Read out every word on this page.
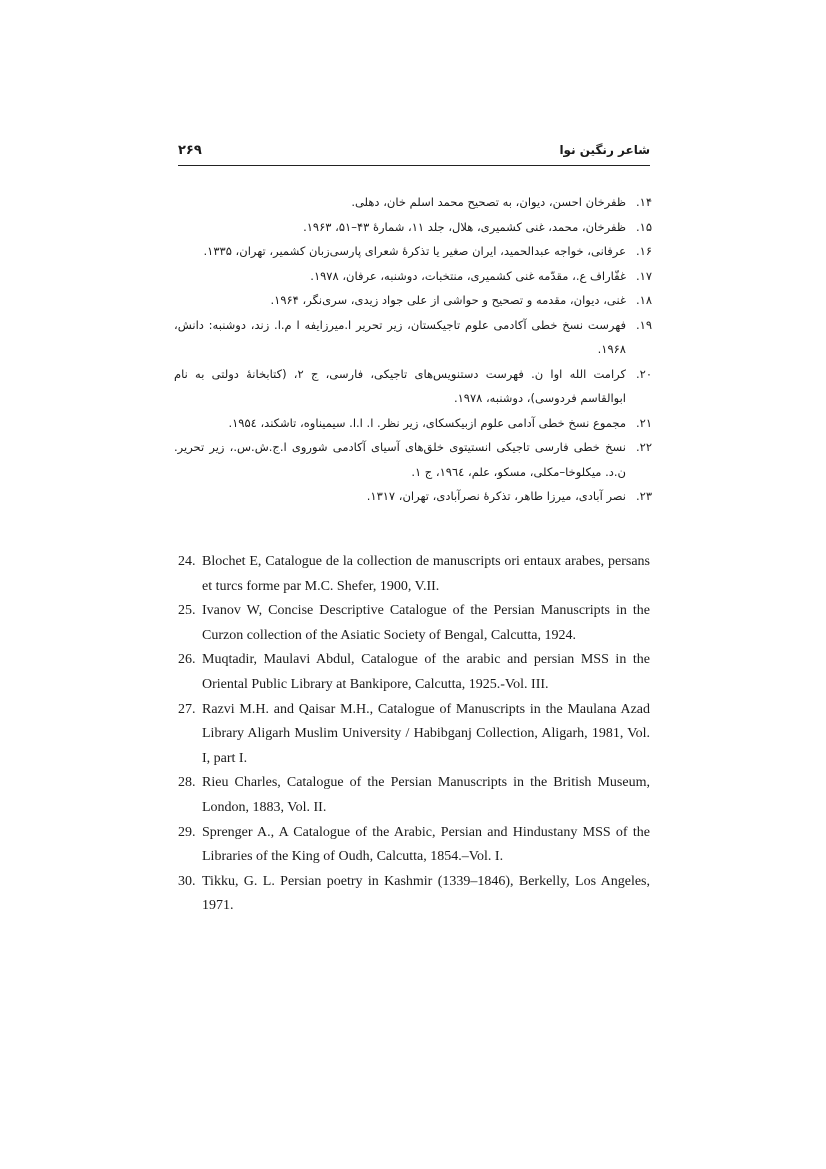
۲۶۹	شاعر رنگین نوا
۱۴.
ظفرخان احسن، دیوان، به تصحیح محمد اسلم خان، دهلی.
۱۵.
ظفرخان، محمد، غنی کشمیری، هلال، جلد ۱۱، شمارۀ ۴۳–۵۱، ۱۹۶۳.
۱۶.
عرفانی، خواجه عبدالحمید، ایران صغیر یا تذکرۀ شعرای پارسی‌زبان کشمیر، تهران، ۱۳۳۵.
۱۷.
غفّاراف ع.، مقدّمه غنی کشمیری، منتخبات، دوشنبه، عرفان، ۱۹۷۸.
۱۸.
غنی، دیوان، مقدمه و تصحیح و حواشی از علی جواد زیدی، سری‌نگر، ۱۹۶۴.
۱۹.
فهرست نسخ خطی آکادمی علوم تاجیکستان، زیر تحریر ا.میرزایفه ا م.ا. زند، دوشنبه: دانش، ۱۹۶۸.
۲۰.
کرامت الله اوا ن. فهرست دستنویس‌های تاجیکی، فارسی، ج ۲، (کتابخانۀ دولتی به نام ابوالقاسم فردوسی)، دوشنبه، ۱۹۷۸.
۲۱.
مجموع نسخ خطی آدامی علوم ازبیکسکای، زیر نظر. ا. ا.ا. سیمیناوه، تاشکند، ۱۹۵٤.
۲۲.
نسخ خطی فارسی تاجیکی انستیتوی خلق‌های آسیای آکادمی شوروی ا.ج.ش.س.، زیر تحریر. ن.د. میکلوخا–مکلی، مسکو، علم، ۱۹٦٤، ج ۱.
۲۳.
نصر آبادی، میرزا طاهر، تذکرۀ نصرآبادی، تهران، ۱۳۱۷.
24. Blochet E, Catalogue de la collection de manuscripts ori entaux arabes, persans et turcs forme par M.C. Shefer, 1900, V.II.
25. Ivanov W, Concise Descriptive Catalogue of the Persian Manuscripts in the Curzon collection of the Asiatic Society of Bengal, Calcutta, 1924.
26. Muqtadir, Maulavi Abdul, Catalogue of the arabic and persian MSS in the Oriental Public Library at Bankipore, Calcutta, 1925.-Vol. III.
27. Razvi M.H. and Qaisar M.H., Catalogue of Manuscripts in the Maulana Azad Library Aligarh Muslim University / Habibganj Collection, Aligarh, 1981, Vol. I, part I.
28. Rieu Charles, Catalogue of the Persian Manuscripts in the British Museum, London, 1883, Vol. II.
29. Sprenger A., A Catalogue of the Arabic, Persian and Hindustany MSS of the Libraries of the King of Oudh, Calcutta, 1854.–Vol. I.
30. Tikku, G. L. Persian poetry in Kashmir (1339–1846), Berkelly, Los Angeles, 1971.
